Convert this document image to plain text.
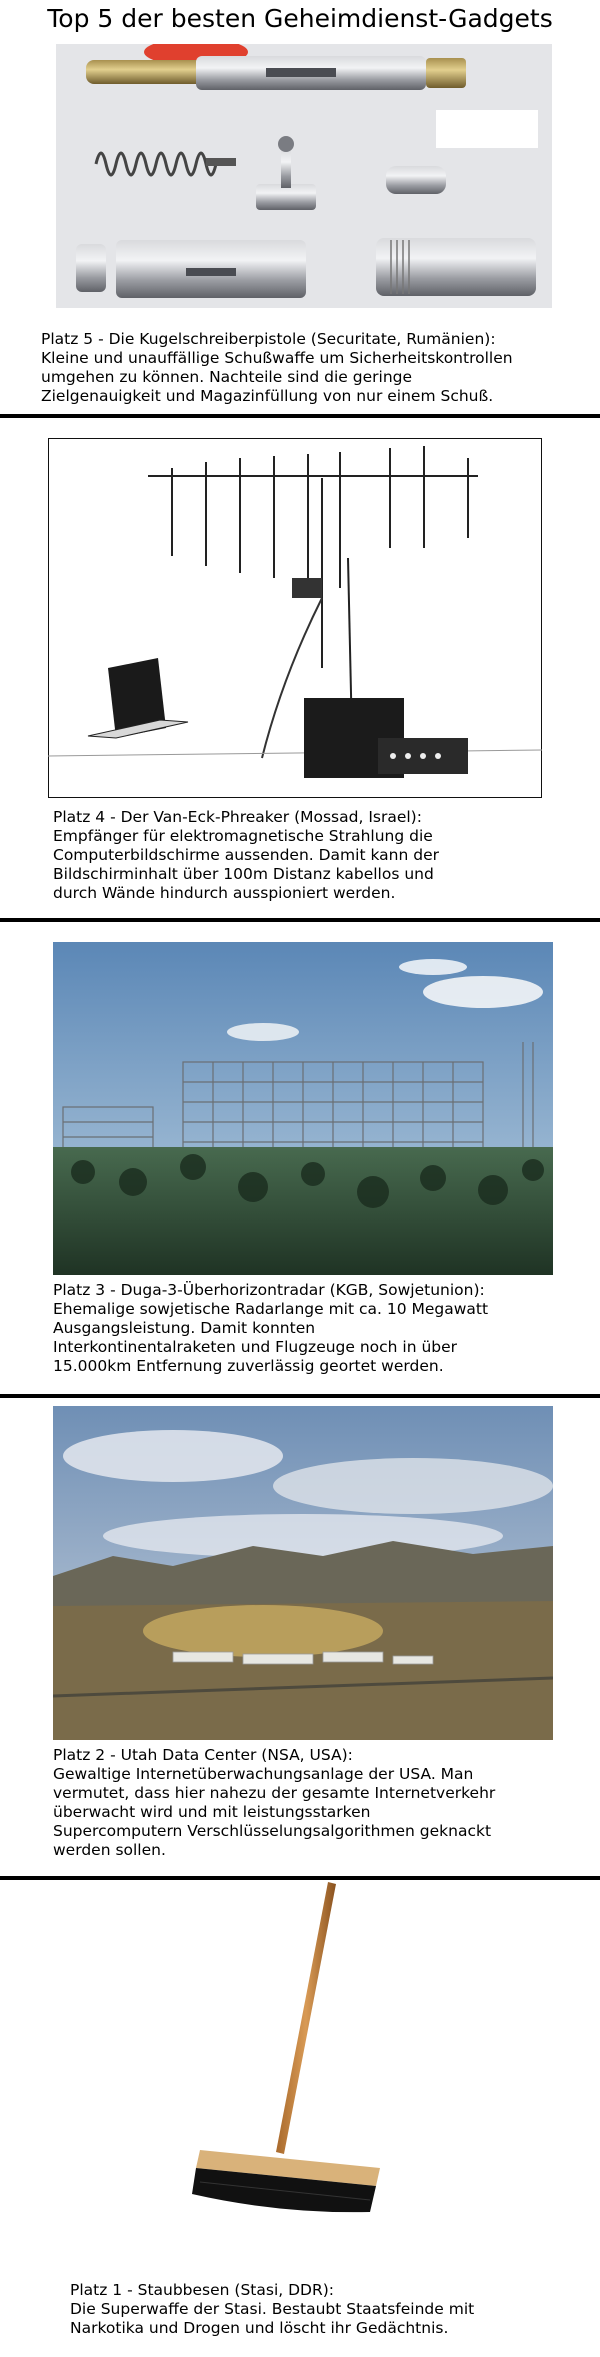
Top 5 der besten Geheimdienst-Gadgets
Platz 5 - Die Kugelschreiberpistole (Securitate, Rumänien):
Kleine und unauffällige Schußwaffe um Sicherheitskontrollen
umgehen zu können. Nachteile sind die geringe
Zielgenauigkeit und Magazinfüllung von nur einem Schuß.
Platz 4 - Der Van-Eck-Phreaker (Mossad, Israel):
Empfänger für elektromagnetische Strahlung die
Computerbildschirme aussenden. Damit kann der
Bildschirminhalt über 100m Distanz kabellos und
durch Wände hindurch ausspioniert werden.
Platz 3 - Duga-3-Überhorizontradar (KGB, Sowjetunion):
Ehemalige sowjetische Radarlange mit ca. 10 Megawatt
Ausgangsleistung. Damit konnten
Interkontinentalraketen und Flugzeuge noch in über
15.000km Entfernung zuverlässig geortet werden.
Platz 2 - Utah Data Center (NSA, USA):
Gewaltige Internetüberwachungsanlage der USA. Man
vermutet, dass hier nahezu der gesamte Internetverkehr
überwacht wird und mit leistungsstarken
Supercomputern Verschlüsselungsalgorithmen geknackt
werden sollen.
Platz 1 - Staubbesen (Stasi, DDR):
Die Superwaffe der Stasi. Bestaubt Staatsfeinde mit
Narkotika und Drogen und löscht ihr Gedächtnis.
